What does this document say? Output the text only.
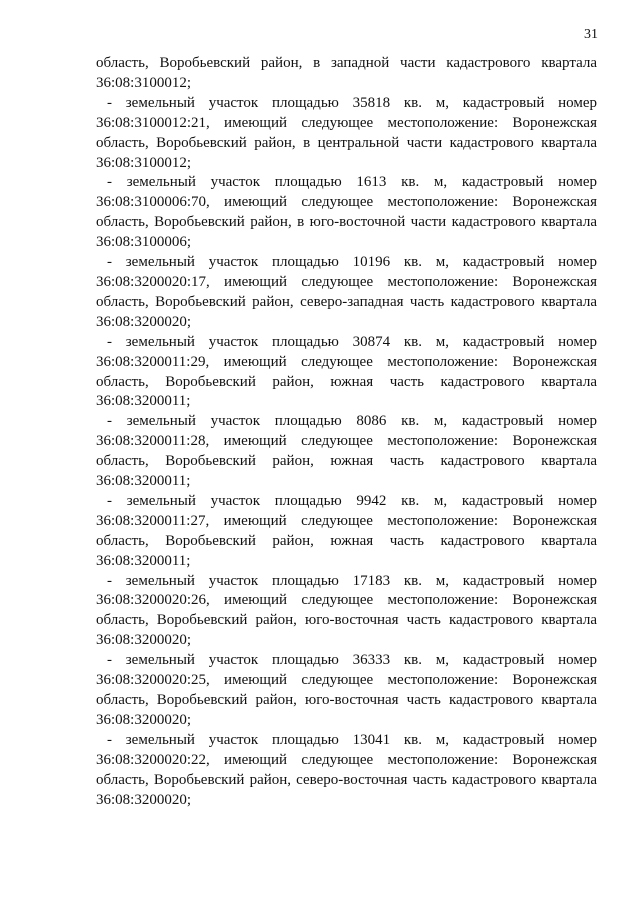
31

область, Воробьевский район, в западной части кадастрового квартала 36:08:3100012;

- земельный участок площадью 35818 кв. м, кадастровый номер 36:08:3100012:21, имеющий следующее местоположение: Воронежская область, Воробьевский район, в центральной части кадастрового квартала 36:08:3100012;

- земельный участок площадью 1613 кв. м, кадастровый номер 36:08:3100006:70, имеющий следующее местоположение: Воронежская область, Воробьевский район, в юго-восточной части кадастрового квартала 36:08:3100006;

- земельный участок площадью 10196 кв. м, кадастровый номер 36:08:3200020:17, имеющий следующее местоположение: Воронежская область, Воробьевский район, северо-западная часть кадастрового квартала 36:08:3200020;

- земельный участок площадью 30874 кв. м, кадастровый номер 36:08:3200011:29, имеющий следующее местоположение: Воронежская область, Воробьевский район, южная часть кадастрового квартала 36:08:3200011;

- земельный участок площадью 8086 кв. м, кадастровый номер 36:08:3200011:28, имеющий следующее местоположение: Воронежская область, Воробьевский район, южная часть кадастрового квартала 36:08:3200011;

- земельный участок площадью 9942 кв. м, кадастровый номер 36:08:3200011:27, имеющий следующее местоположение: Воронежская область, Воробьевский район, южная часть кадастрового квартала 36:08:3200011;

- земельный участок площадью 17183 кв. м, кадастровый номер 36:08:3200020:26, имеющий следующее местоположение: Воронежская область, Воробьевский район, юго-восточная часть кадастрового квартала 36:08:3200020;

- земельный участок площадью 36333 кв. м, кадастровый номер 36:08:3200020:25, имеющий следующее местоположение: Воронежская область, Воробьевский район, юго-восточная часть кадастрового квартала 36:08:3200020;

- земельный участок площадью 13041 кв. м, кадастровый номер 36:08:3200020:22, имеющий следующее местоположение: Воронежская область, Воробьевский район, северо-восточная часть кадастрового квартала 36:08:3200020;
